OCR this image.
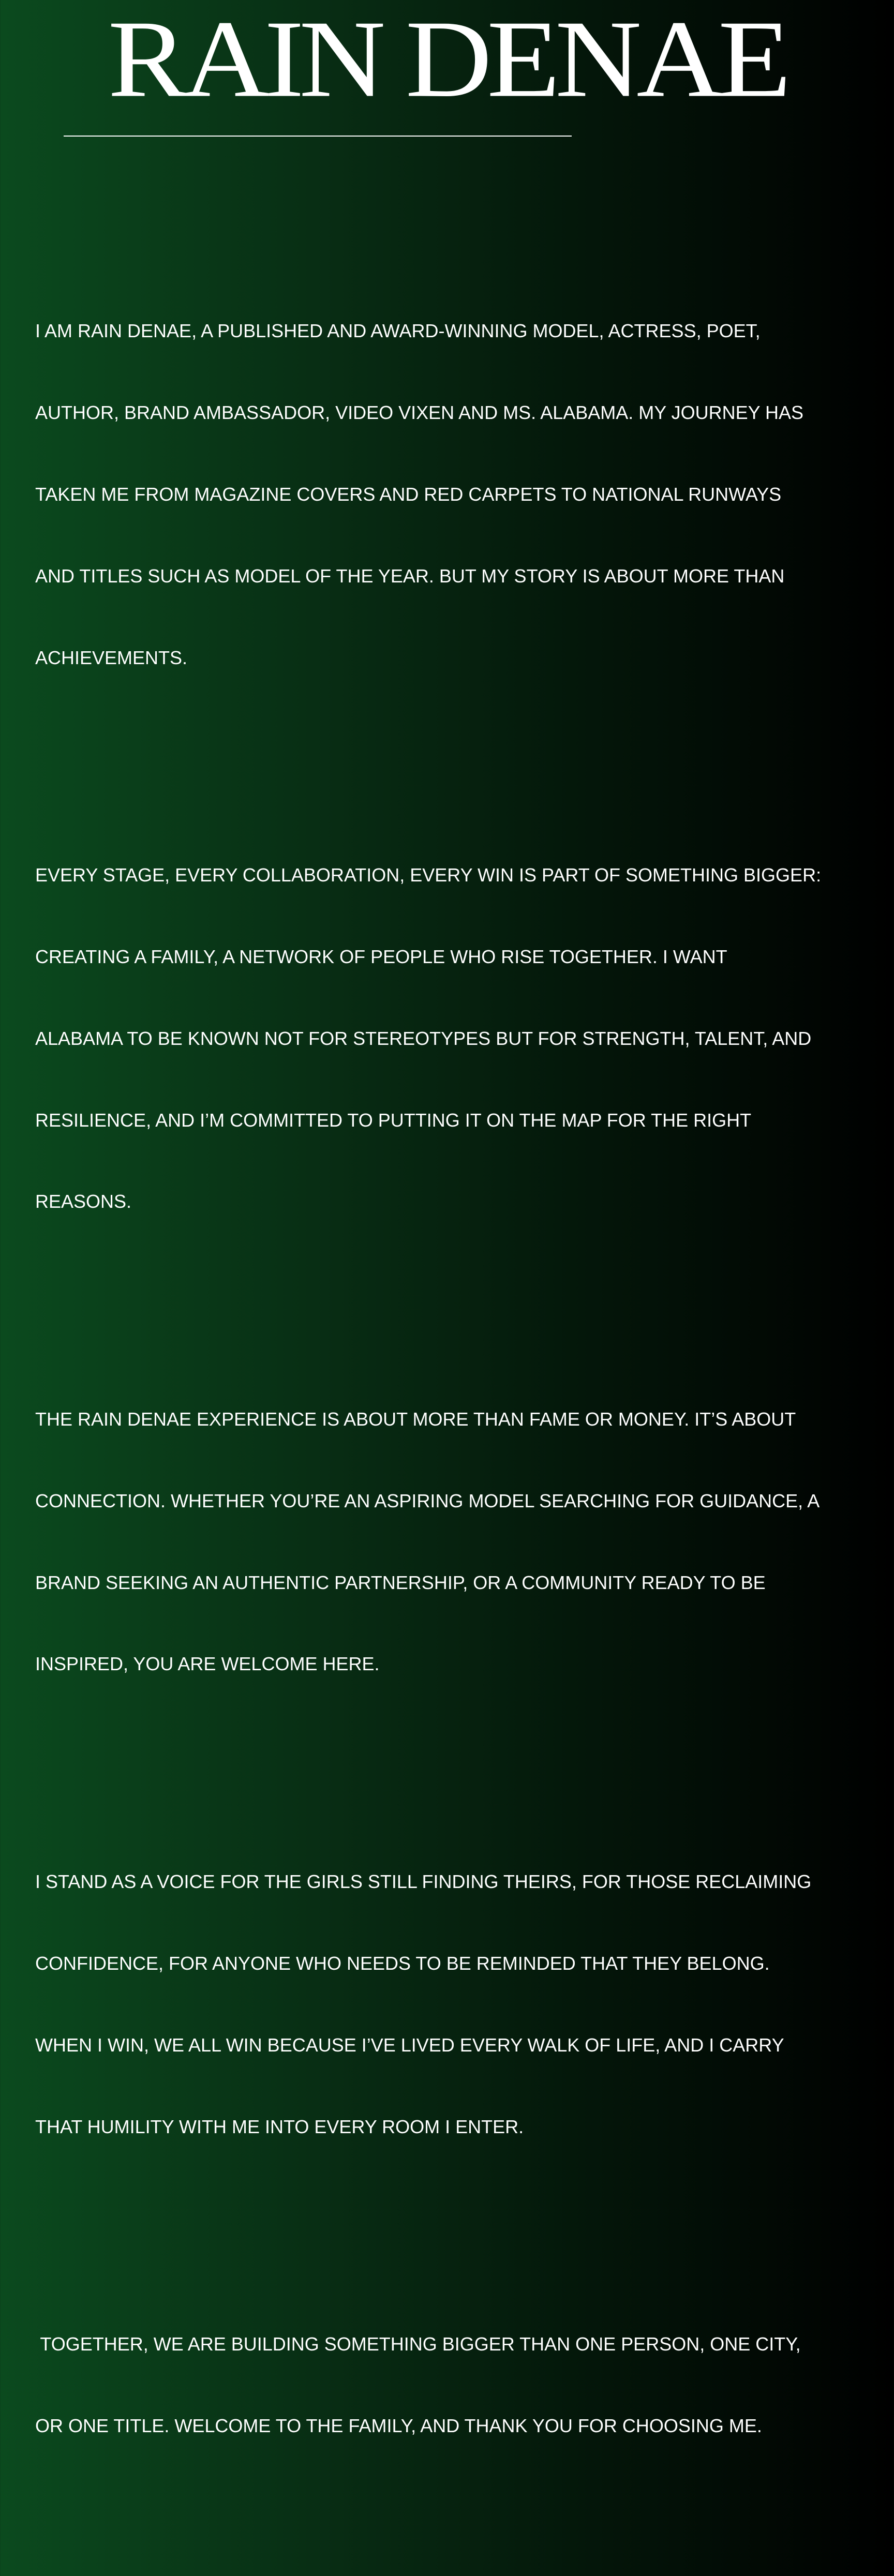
RAIN DENAE

I AM RAIN DENAE, A PUBLISHED AND AWARD-WINNING MODEL, ACTRESS, POET,

AUTHOR, BRAND AMBASSADOR, VIDEO VIXEN AND MS. ALABAMA. MY JOURNEY HAS

TAKEN ME FROM MAGAZINE COVERS AND RED CARPETS TO NATIONAL RUNWAYS

AND TITLES SUCH AS MODEL OF THE YEAR. BUT MY STORY IS ABOUT MORE THAN

ACHIEVEMENTS.

EVERY STAGE, EVERY COLLABORATION, EVERY WIN IS PART OF SOMETHING BIGGER:

CREATING A FAMILY, A NETWORK OF PEOPLE WHO RISE TOGETHER. I WANT

ALABAMA TO BE KNOWN NOT FOR STEREOTYPES BUT FOR STRENGTH, TALENT, AND

RESILIENCE, AND I’M COMMITTED TO PUTTING IT ON THE MAP FOR THE RIGHT

REASONS.

THE RAIN DENAE EXPERIENCE IS ABOUT MORE THAN FAME OR MONEY. IT’S ABOUT

CONNECTION. WHETHER YOU’RE AN ASPIRING MODEL SEARCHING FOR GUIDANCE, A

BRAND SEEKING AN AUTHENTIC PARTNERSHIP, OR A COMMUNITY READY TO BE

INSPIRED, YOU ARE WELCOME HERE.

I STAND AS A VOICE FOR THE GIRLS STILL FINDING THEIRS, FOR THOSE RECLAIMING

CONFIDENCE, FOR ANYONE WHO NEEDS TO BE REMINDED THAT THEY BELONG.

WHEN I WIN, WE ALL WIN BECAUSE I’VE LIVED EVERY WALK OF LIFE, AND I CARRY

THAT HUMILITY WITH ME INTO EVERY ROOM I ENTER.

TOGETHER, WE ARE BUILDING SOMETHING BIGGER THAN ONE PERSON, ONE CITY,

OR ONE TITLE. WELCOME TO THE FAMILY, AND THANK YOU FOR CHOOSING ME.
